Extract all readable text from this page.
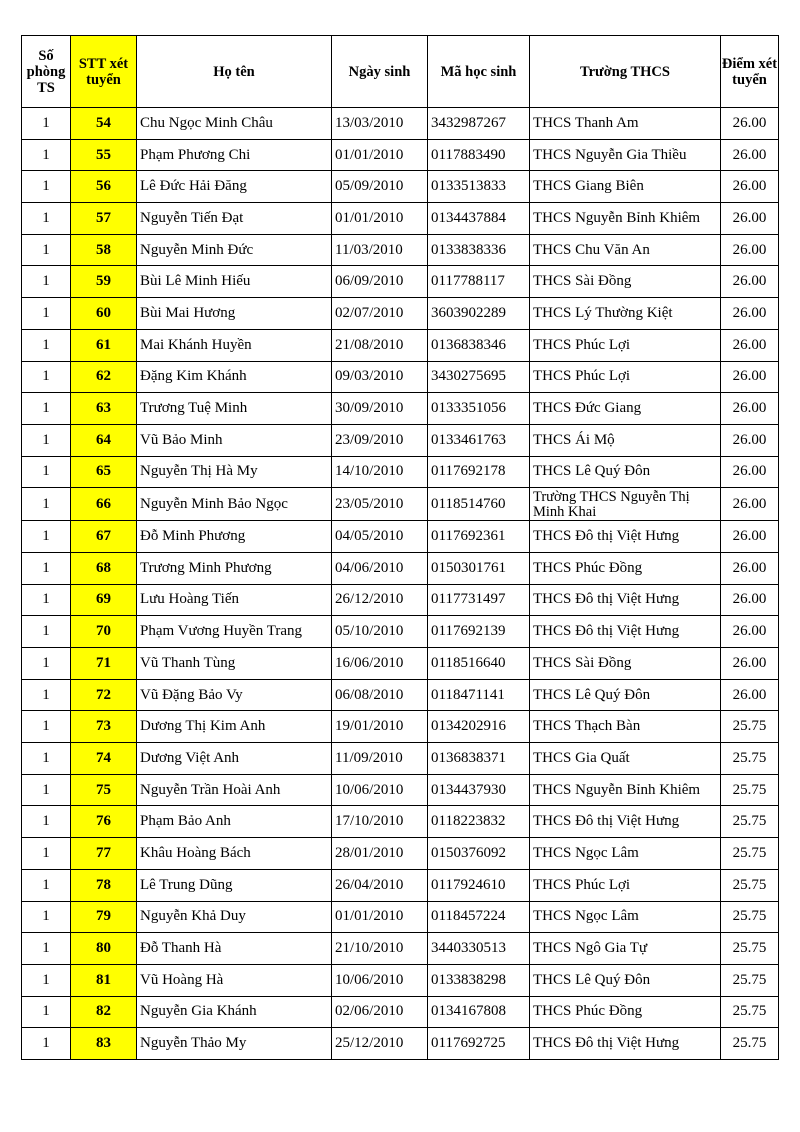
Số phòng TS	STT xét tuyển	Họ tên	Ngày sinh	Mã học sinh	Trường THCS	Điểm xét tuyển
1	54	Chu Ngọc Minh Châu	13/03/2010	3432987267	THCS Thanh Am	26.00
1	55	Phạm Phương Chi	01/01/2010	0117883490	THCS Nguyễn Gia Thiều	26.00
1	56	Lê Đức Hải Đăng	05/09/2010	0133513833	THCS Giang Biên	26.00
1	57	Nguyễn Tiến Đạt	01/01/2010	0134437884	THCS Nguyễn Bỉnh Khiêm	26.00
1	58	Nguyễn Minh Đức	11/03/2010	0133838336	THCS Chu Văn An	26.00
1	59	Bùi Lê Minh Hiếu	06/09/2010	0117788117	THCS Sài Đồng	26.00
1	60	Bùi Mai Hương	02/07/2010	3603902289	THCS Lý Thường Kiệt	26.00
1	61	Mai Khánh Huyền	21/08/2010	0136838346	THCS Phúc Lợi	26.00
1	62	Đặng Kim Khánh	09/03/2010	3430275695	THCS Phúc Lợi	26.00
1	63	Trương Tuệ Minh	30/09/2010	0133351056	THCS Đức Giang	26.00
1	64	Vũ Bảo Minh	23/09/2010	0133461763	THCS Ái Mộ	26.00
1	65	Nguyễn Thị Hà My	14/10/2010	0117692178	THCS Lê Quý Đôn	26.00
1	66	Nguyễn Minh Bảo Ngọc	23/05/2010	0118514760	Trường THCS Nguyễn Thị Minh Khai	26.00
1	67	Đỗ Minh Phương	04/05/2010	0117692361	THCS Đô thị Việt Hưng	26.00
1	68	Trương Minh Phương	04/06/2010	0150301761	THCS Phúc Đồng	26.00
1	69	Lưu Hoàng Tiến	26/12/2010	0117731497	THCS Đô thị Việt Hưng	26.00
1	70	Phạm Vương Huyền Trang	05/10/2010	0117692139	THCS Đô thị Việt Hưng	26.00
1	71	Vũ Thanh Tùng	16/06/2010	0118516640	THCS Sài Đồng	26.00
1	72	Vũ Đặng Bảo Vy	06/08/2010	0118471141	THCS Lê Quý Đôn	26.00
1	73	Dương Thị Kim Anh	19/01/2010	0134202916	THCS Thạch Bàn	25.75
1	74	Dương Việt Anh	11/09/2010	0136838371	THCS Gia Quất	25.75
1	75	Nguyễn Trần Hoài Anh	10/06/2010	0134437930	THCS Nguyễn Bỉnh Khiêm	25.75
1	76	Phạm Bảo Anh	17/10/2010	0118223832	THCS Đô thị Việt Hưng	25.75
1	77	Khâu Hoàng Bách	28/01/2010	0150376092	THCS Ngọc Lâm	25.75
1	78	Lê Trung Dũng	26/04/2010	0117924610	THCS Phúc Lợi	25.75
1	79	Nguyễn Khả Duy	01/01/2010	0118457224	THCS Ngọc Lâm	25.75
1	80	Đỗ Thanh Hà	21/10/2010	3440330513	THCS Ngô Gia Tự	25.75
1	81	Vũ Hoàng Hà	10/06/2010	0133838298	THCS Lê Quý Đôn	25.75
1	82	Nguyễn Gia Khánh	02/06/2010	0134167808	THCS Phúc Đồng	25.75
1	83	Nguyễn Thảo My	25/12/2010	0117692725	THCS Đô thị Việt Hưng	25.75
